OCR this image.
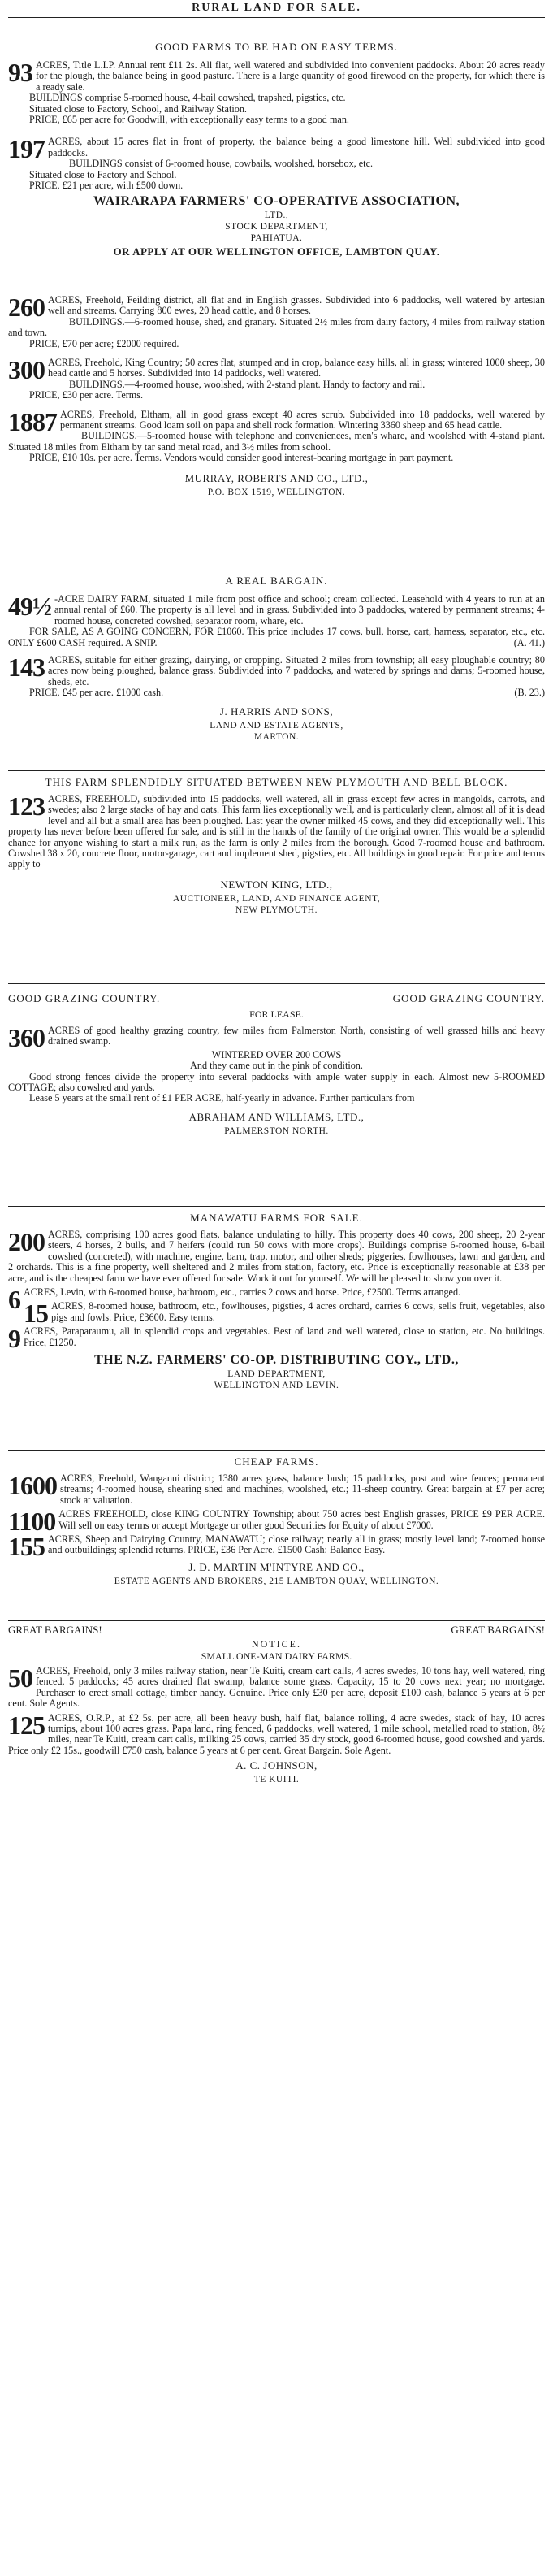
RURAL LAND FOR SALE.
GOOD FARMS TO BE HAD ON EASY TERMS.
93 ACRES, Title L.I.P. Annual rent £11 2s. All flat, well watered and subdivided into convenient paddocks. About 20 acres ready for the plough, the balance being in good pasture. There is a large quantity of good firewood on the property, for which there is a ready sale.

BUILDINGS comprise 5-roomed house, 4-bail cowshed, trapshed, pigsties, etc.

Situated close to Factory, School, and Railway Station.

PRICE, £65 per acre for Goodwill, with exceptionally easy terms to a good man.

197 ACRES, about 15 acres flat in front of property, the balance being a good limestone hill. Well subdivided into good paddocks.

BUILDINGS consist of 6-roomed house, cowbails, woolshed, horsebox, etc.

Situated close to Factory and School.

PRICE, £21 per acre, with £500 down.

WAIRARAPA FARMERS' CO-OPERATIVE ASSOCIATION,
LTD.,
STOCK DEPARTMENT,
PAHIATUA.
OR APPLY AT OUR WELLINGTON OFFICE, LAMBTON QUAY.
260 ACRES, Freehold, Feilding district, all flat and in English grasses. Subdivided into 6 paddocks, well watered by artesian well and streams. Carrying 800 ewes, 20 head cattle, and 8 horses.

BUILDINGS.—6-roomed house, shed, and granary. Situated 2½ miles from dairy factory, 4 miles from railway station and town.

PRICE, £70 per acre; £2000 required.

300 ACRES, Freehold, King Country; 50 acres flat, stumped and in crop, balance easy hills, all in grass; wintered 1000 sheep, 30 head cattle and 5 horses. Subdivided into 14 paddocks, well watered.

BUILDINGS.—4-roomed house, woolshed, with 2-stand plant. Handy to factory and rail.

PRICE, £30 per acre. Terms.

1887 ACRES, Freehold, Eltham, all in good grass except 40 acres scrub. Subdivided into 18 paddocks, well watered by permanent streams. Good loam soil on papa and shell rock formation. Wintering 3360 sheep and 65 head cattle.

BUILDINGS.—5-roomed house with telephone and conveniences, men's whare, and woolshed with 4-stand plant. Situated 18 miles from Eltham by tar sand metal road, and 3½ miles from school.

PRICE, £10 10s. per acre. Terms. Vendors would consider good interest-bearing mortgage in part payment.

MURRAY, ROBERTS AND CO., LTD.,
P.O. BOX 1519, WELLINGTON.
A REAL BARGAIN.
49½ -ACRE DAIRY FARM, situated 1 mile from post office and school; cream collected. Leasehold with 4 years to run at an annual rental of £60. The property is all level and in grass. Subdivided into 3 paddocks, watered by permanent streams; 4-roomed house, concreted cowshed, separator room, whare, etc.

FOR SALE, AS A GOING CONCERN, FOR £1060. This price includes 17 cows, bull, horse, cart, harness, separator, etc., etc. ONLY £600 CASH required. A SNIP.	(A. 41.)

143 ACRES, suitable for either grazing, dairying, or cropping. Situated 2 miles from township; all easy ploughable country; 80 acres now being ploughed, balance grass. Subdivided into 7 paddocks, and watered by springs and dams; 5-roomed house, sheds, etc.

PRICE, £45 per acre. £1000 cash.	(B. 23.)

J. HARRIS AND SONS,
LAND AND ESTATE AGENTS,
MARTON.
THIS FARM SPLENDIDLY SITUATED BETWEEN NEW PLYMOUTH AND BELL BLOCK.
123 ACRES, FREEHOLD, subdivided into 15 paddocks, well watered, all in grass except few acres in mangolds, carrots, and swedes; also 2 large stacks of hay and oats. This farm lies exceptionally well, and is particularly clean, almost all of it is dead level and all but a small area has been ploughed. Last year the owner milked 45 cows, and they did exceptionally well. This property has never before been offered for sale, and is still in the hands of the family of the original owner. This would be a splendid chance for anyone wishing to start a milk run, as the farm is only 2 miles from the borough. Good 7-roomed house and bathroom. Cowshed 38 x 20, concrete floor, motor-garage, cart and implement shed, pigsties, etc. All buildings in good repair. For price and terms apply to

NEWTON KING, LTD.,
AUCTIONEER, LAND, AND FINANCE AGENT,
NEW PLYMOUTH.
GOOD GRAZING COUNTRY.	GOOD GRAZING COUNTRY.
FOR LEASE.
360 ACRES of good healthy grazing country, few miles from Palmerston North, consisting of well grassed hills and heavy drained swamp.

WINTERED OVER 200 COWS

And they came out in the pink of condition.

Good strong fences divide the property into several paddocks with ample water supply in each. Almost new 5-ROOMED COTTAGE; also cowshed and yards.

Lease 5 years at the small rent of £1 PER ACRE, half-yearly in advance. Further particulars from

ABRAHAM AND WILLIAMS, LTD.,
PALMERSTON NORTH.
MANAWATU FARMS FOR SALE.
200 ACRES, comprising 100 acres good flats, balance undulating to hilly. This property does 40 cows, 200 sheep, 20 2-year steers, 4 horses, 2 bulls, and 7 heifers (could run 50 cows with more crops). Buildings comprise 6-roomed house, 6-bail cowshed (concreted), with machine, engine, barn, trap, motor, and other sheds; piggeries, fowlhouses, lawn and garden, and 2 orchards. This is a fine property, well sheltered and 2 miles from station, factory, etc. Price is exceptionally reasonable at £38 per acre, and is the cheapest farm we have ever offered for sale. Work it out for yourself. We will be pleased to show you over it.

6 ACRES, Levin, with 6-roomed house, bathroom, etc., carries 2 cows and horse. Price, £2500. Terms arranged.

15 ACRES, 8-roomed house, bathroom, etc., fowlhouses, pigsties, 4 acres orchard, carries 6 cows, sells fruit, vegetables, also pigs and fowls. Price, £3600. Easy terms.

9 ACRES, Paraparaumu, all in splendid crops and vegetables. Best of land and well watered, close to station, etc. No buildings. Price, £1250.

THE N.Z. FARMERS' CO-OP. DISTRIBUTING COY., LTD.,
LAND DEPARTMENT,
WELLINGTON AND LEVIN.
CHEAP FARMS.
1600 ACRES, Freehold, Wanganui district; 1380 acres grass, balance bush; 15 paddocks, post and wire fences; permanent streams; 4-roomed house, shearing shed and machines, woolshed, etc.; 11-sheep country. Great bargain at £7 per acre; stock at valuation.

1100 ACRES FREEHOLD, close KING COUNTRY Township; about 750 acres best English grasses, PRICE £9 PER ACRE. Will sell on easy terms or accept Mortgage or other good Securities for Equity of about £7000.

155 ACRES, Sheep and Dairying Country, MANAWATU; close railway; nearly all in grass; mostly level land; 7-roomed house and outbuildings; splendid returns. PRICE, £36 Per Acre. £1500 Cash: Balance Easy.

J. D. MARTIN M'INTYRE AND CO.,
ESTATE AGENTS AND BROKERS, 215 LAMBTON QUAY, WELLINGTON.
GREAT BARGAINS!	GREAT BARGAINS!
NOTICE.
SMALL ONE-MAN DAIRY FARMS.
50 ACRES, Freehold, only 3 miles railway station, near Te Kuiti, cream cart calls, 4 acres swedes, 10 tons hay, well watered, ring fenced, 5 paddocks; 45 acres drained flat swamp, balance some grass. Capacity, 15 to 20 cows next year; no mortgage. Purchaser to erect small cottage, timber handy. Genuine. Price only £30 per acre, deposit £100 cash, balance 5 years at 6 per cent. Sole Agents.

125 ACRES, O.R.P., at £2 5s. per acre, all been heavy bush, half flat, balance rolling, 4 acre swedes, stack of hay, 10 acres turnips, about 100 acres grass. Papa land, ring fenced, 6 paddocks, well watered, 1 mile school, metalled road to station, 8½ miles, near Te Kuiti, cream cart calls, milking 25 cows, carried 35 dry stock, good 6-roomed house, good cowshed and yards. Price only £2 15s., goodwill £750 cash, balance 5 years at 6 per cent. Great Bargain. Sole Agent.

A. C. JOHNSON,
TE KUITI.
